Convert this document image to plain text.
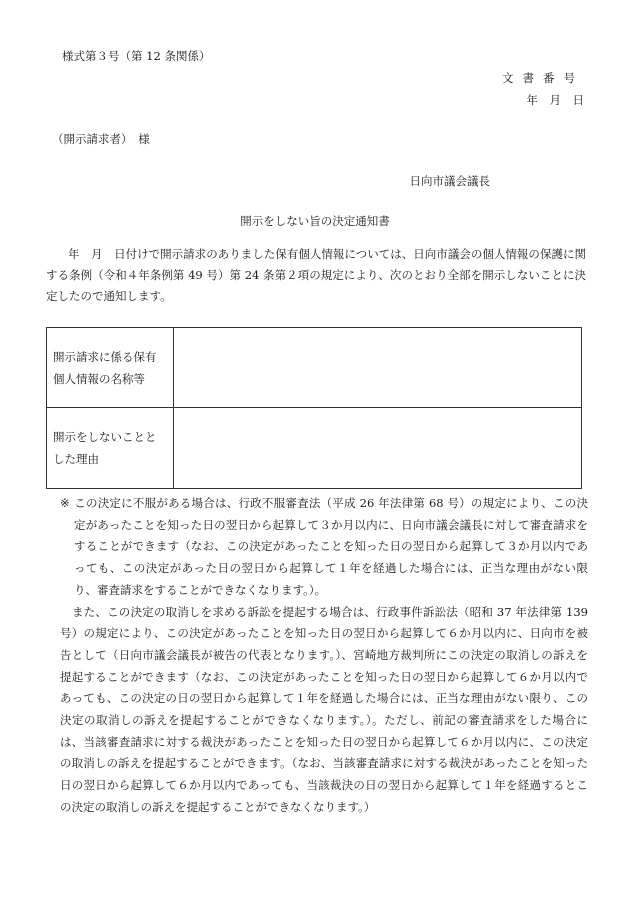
様式第３号（第 12 条関係）
文書番号
年　月　日
（開示請求者）　様
日向市議会議長
開示をしない旨の決定通知書
年　月　日付けで開示請求のありました保有個人情報については、日向市議会の個人情報の保護に関する条例（令和４年条例第 49 号）第 24 条第２項の規定により、次のとおり全部を開示しないことに決定したので通知します。
開示請求に係る保有個人情報の名称等	
開示をしないこととした理由	

※ この決定に不服がある場合は、行政不服審査法（平成 26 年法律第 68 号）の規定により、この決定があったことを知った日の翌日から起算して３か月以内に、日向市議会議長に対して審査請求をすることができます（なお、この決定があったことを知った日の翌日から起算して３か月以内であっても、この決定があった日の翌日から起算して１年を経過した場合には、正当な理由がない限り、審査請求をすることができなくなります。）。

また、この決定の取消しを求める訴訟を提起する場合は、行政事件訴訟法（昭和 37 年法律第 139 号）の規定により、この決定があったことを知った日の翌日から起算して６か月以内に、日向市を被告として（日向市議会議長が被告の代表となります。）、宮崎地方裁判所にこの決定の取消しの訴えを提起することができます（なお、この決定があったことを知った日の翌日から起算して６か月以内であっても、この決定の日の翌日から起算して１年を経過した場合には、正当な理由がない限り、この決定の取消しの訴えを提起することができなくなります。）。ただし、前記の審査請求をした場合には、当該審査請求に対する裁決があったことを知った日の翌日から起算して６か月以内に、この決定の取消しの訴えを提起することができます。（なお、当該審査請求に対する裁決があったことを知った日の翌日から起算して６か月以内であっても、当該裁決の日の翌日から起算して１年を経過するとこの決定の取消しの訴えを提起することができなくなります。）
